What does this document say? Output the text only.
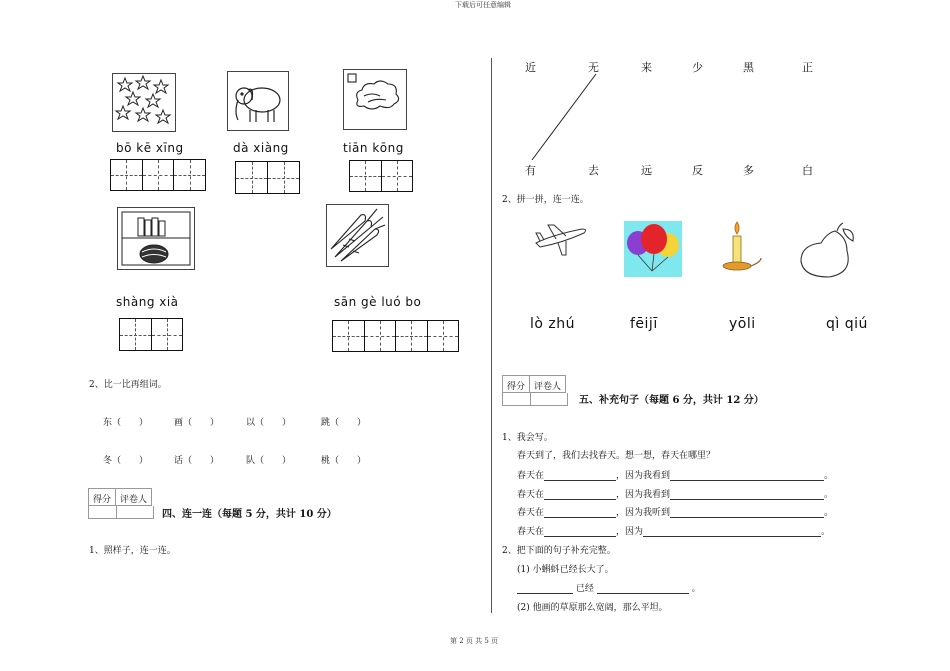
下载后可任意编辑
第 2 页 共 5 页
bō kē xīng	dà xiàng	tiān kōng
shàng xià	sān gè luó bo
2、比一比再组词。
东（　　）	画（　　）	以（　　）	跳（　　）
冬（　　）	话（　　）	队（　　）	桃（　　）
得分	评卷人
四、连一连（每题 5 分，共计 10 分）
1、照样子，连一连。
近	无	来	少	黑	正
有	去	远	反	多	白
2、拼一拼，连一连。
lò zhú	fēijī	yōli	qì qiú
得分	评卷人
五、补充句子（每题 6 分，共计 12 分）
1、我会写。
春天到了，我们去找春天。想一想，春天在哪里？
春天在	，因为我看到	。
春天在	，因为我看到	。
春天在	，因为我听到	。
春天在	，因为	。
2、把下面的句子补充完整。
(1) 小蝌蚪已经长大了。
已经	。
(2) 他画的草原那么宽阔，那么平坦。
